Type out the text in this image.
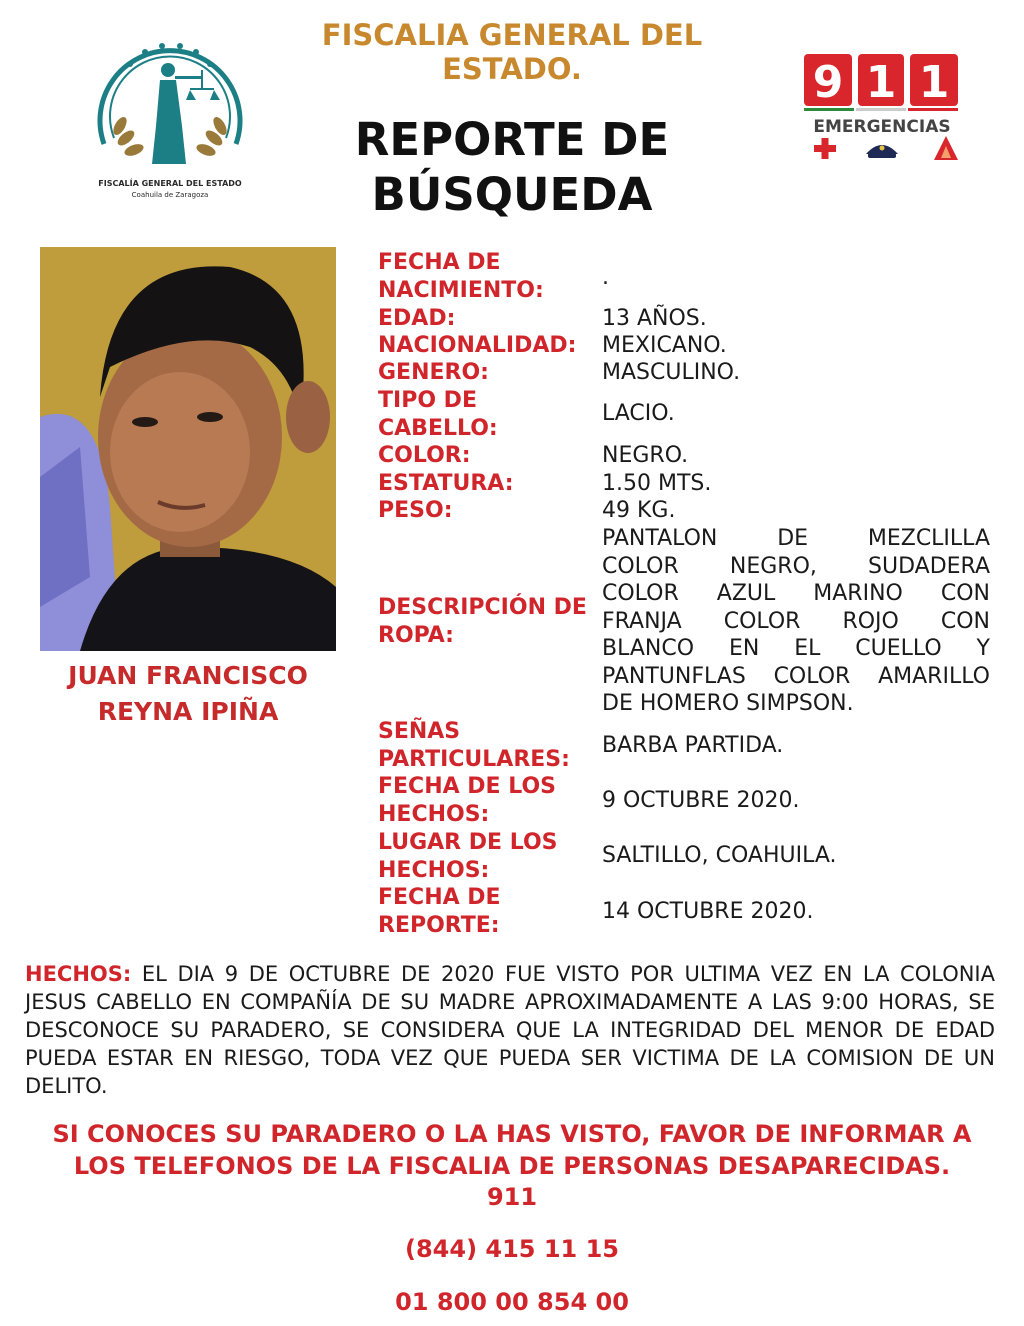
FISCALÍA GENERAL DEL ESTADO
Coahuila de Zaragoza
FISCALIA GENERAL DEL
ESTADO.
REPORTE DE
BÚSQUEDA
9 1 1
EMERGENCIAS
JUAN FRANCISCO
REYNA IPIÑA
FECHA DE
NACIMIENTO:	.
EDAD:	13 AÑOS.
NACIONALIDAD:	MEXICANO.
GENERO:	MASCULINO.
TIPO DE
CABELLO:
LACIO.
COLOR:	NEGRO.
ESTATURA:	1.50 MTS.
PESO:	49 KG.
DESCRIPCIÓN DE
ROPA:
PANTALON DE MEZCLILLA
COLOR NEGRO, SUDADERA
COLOR AZUL MARINO CON
FRANJA COLOR ROJO CON
BLANCO EN EL CUELLO Y
PANTUNFLAS COLOR AMARILLO
DE HOMERO SIMPSON.
SEÑAS
PARTICULARES:
BARBA PARTIDA.
FECHA DE LOS
HECHOS:
9 OCTUBRE 2020.
LUGAR DE LOS
HECHOS:
SALTILLO, COAHUILA.
FECHA DE
REPORTE:
14 OCTUBRE 2020.
HECHOS: EL DIA 9 DE OCTUBRE DE 2020 FUE VISTO POR ULTIMA VEZ EN LA COLONIA JESUS CABELLO EN COMPAÑÍA DE SU MADRE APROXIMADAMENTE A LAS 9:00 HORAS, SE DESCONOCE SU PARADERO, SE CONSIDERA QUE LA INTEGRIDAD DEL MENOR DE EDAD PUEDA ESTAR EN RIESGO, TODA VEZ QUE PUEDA SER VICTIMA DE LA COMISION DE UN DELITO.
SI CONOCES SU PARADERO O LA HAS VISTO, FAVOR DE INFORMAR A
LOS TELEFONOS DE LA FISCALIA DE PERSONAS DESAPARECIDAS.
911
(844) 415 11 15
01 800 00 854 00
